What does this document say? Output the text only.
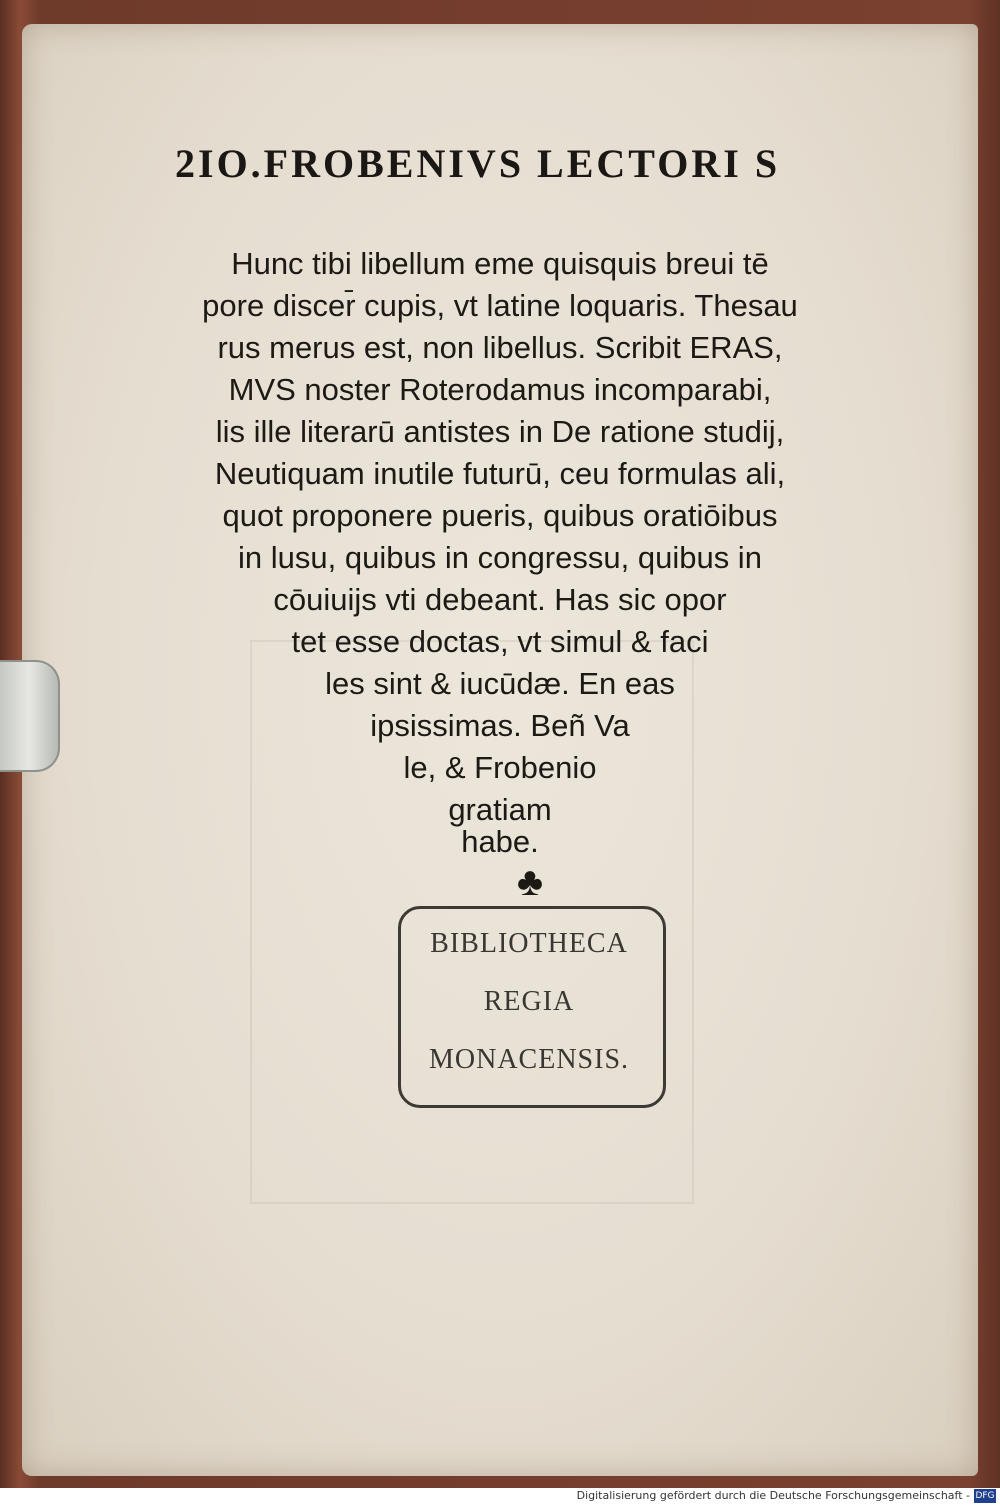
2IO.FROBENIVS LECTORI S
Hunc tibi libellum eme quisquis breui tē
pore discer̄ cupis, vt latine loquaris. Thesau
rus merus est, non libellus. Scribit ERAS,
MVS noster Roterodamus incomparabi,
lis ille literarū antistes in De ratione studij,
Neutiquam inutile futurū, ceu formulas ali,
quot proponere pueris, quibus oratiōibus
in lusu, quibus in congressu, quibus in
cōuiuijs vti debeant. Has sic opor
tet esse doctas, vt simul & faci
les sint & iucūdæ. En eas
ipsissimas. Beñ Va
le, & Frobenio
gratiam
habe.
♣
BIBLIOTHECA
REGIA
MONACENSIS.
Digitalisierung gefördert durch die Deutsche Forschungsgemeinschaft - DFG
